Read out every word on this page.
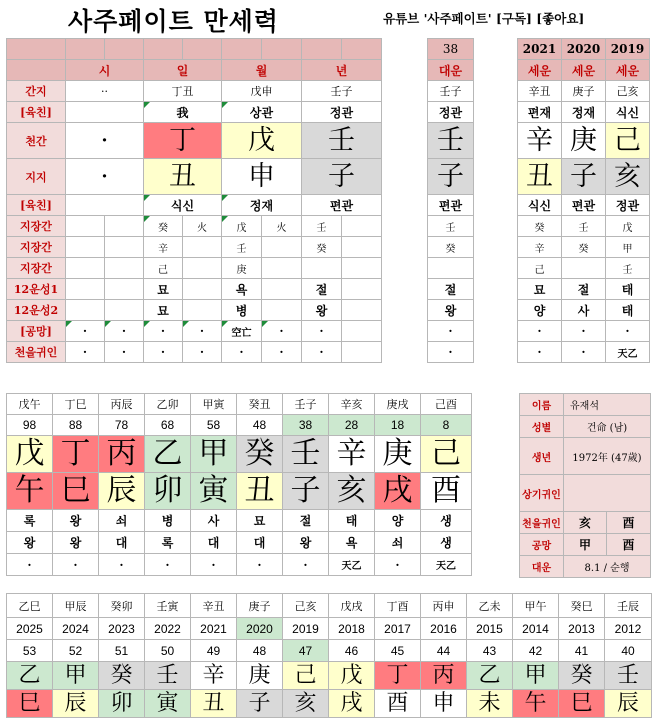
사주페이트 만세력	유튜브 '사주페이트' [구독] [좋아요]

	시		일		월		년	
간지	··		丁丑		戊申		壬子	
[육친]			我		상관		정관	
천간	·		丁		戊		壬	
지지	·		丑		申		子	
[육친]			식신		정재		편관	
지장간			癸	火	戊	火	壬	
지장간			辛		壬		癸	
지장간			己		庚			
12운성1			묘		욕		절	
12운성2			묘		병		왕	
[공망]	·	·	·	·	空亡	·	·	
천을귀인	·	·	·	·	·	·	·	
38
대운
壬子
정관
壬
子
편관
壬
癸

절
왕
·
·
2021	2020	2019
세운	세운	세운
辛丑	庚子	己亥
편재	정재	식신
辛	庚	己
丑	子	亥
식신	편관	정관
癸	壬	戊
辛	癸	甲
己		壬
묘	절	태
양	사	태
·	·	·
·	·	天乙
戊午	丁巳	丙辰	乙卯	甲寅	癸丑	壬子	辛亥	庚戌	己酉
98	88	78	68	58	48	38	28	18	8
戊	丁	丙	乙	甲	癸	壬	辛	庚	己
午	巳	辰	卯	寅	丑	子	亥	戌	酉
록	왕	쇠	병	사	묘	절	태	양	생
왕	왕	대	록	대	대	왕	욕	쇠	생
·	·	·	·	·	·	·	天乙	·	天乙
이름	유재석	
성별	건命 (남)	
생년	1972年 (47歲)	
상기귀인		
천을귀인	亥	酉
공망	甲	酉
대운	8.1 / 순행	
乙巳	甲辰	癸卯	壬寅	辛丑	庚子	己亥	戊戌	丁酉	丙申	乙未	甲午	癸巳	壬辰
2025	2024	2023	2022	2021	2020	2019	2018	2017	2016	2015	2014	2013	2012
53	52	51	50	49	48	47	46	45	44	43	42	41	40
乙	甲	癸	壬	辛	庚	己	戊	丁	丙	乙	甲	癸	壬
巳	辰	卯	寅	丑	子	亥	戌	酉	申	未	午	巳	辰
